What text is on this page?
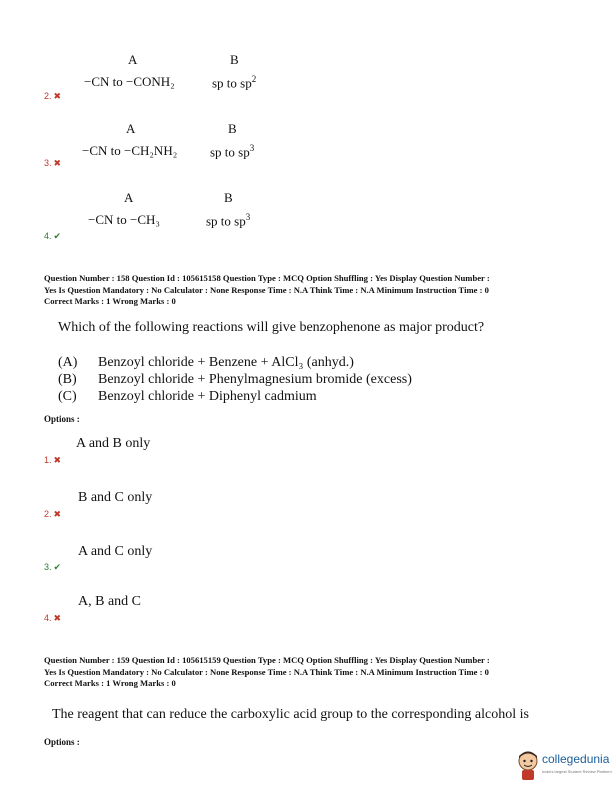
A	B
−CN to −CONH₂	sp to $sp^2$
2. ✖
A	B
−CN to −CH₂NH₂	sp to $sp^3$
3. ✖
A	B
−CN to −CH₃	sp to $sp^3$
4. ✔
Question Number : 158 Question Id : 105615158 Question Type : MCQ Option Shuffling : Yes Display Question Number :
Yes Is Question Mandatory : No Calculator : None Response Time : N.A Think Time : N.A Minimum Instruction Time : 0
Correct Marks : 1 Wrong Marks : 0
Which of the following reactions will give benzophenone as major product?
(A) Benzoyl chloride + Benzene + AlCl₃ (anhyd.)
(B) Benzoyl chloride + Phenylmagnesium bromide (excess)
(C) Benzoyl chloride + Diphenyl cadmium
Options :
A and B only
1. ✖
B and C only
2. ✖
A and C only
3. ✔
A, B and C
4. ✖
Question Number : 159 Question Id : 105615159 Question Type : MCQ Option Shuffling : Yes Display Question Number :
Yes Is Question Mandatory : No Calculator : None Response Time : N.A Think Time : N.A Minimum Instruction Time : 0
Correct Marks : 1 Wrong Marks : 0
The reagent that can reduce the carboxylic acid group to the corresponding alcohol is
Options :
collegedunia
India's largest Student Review Platform
